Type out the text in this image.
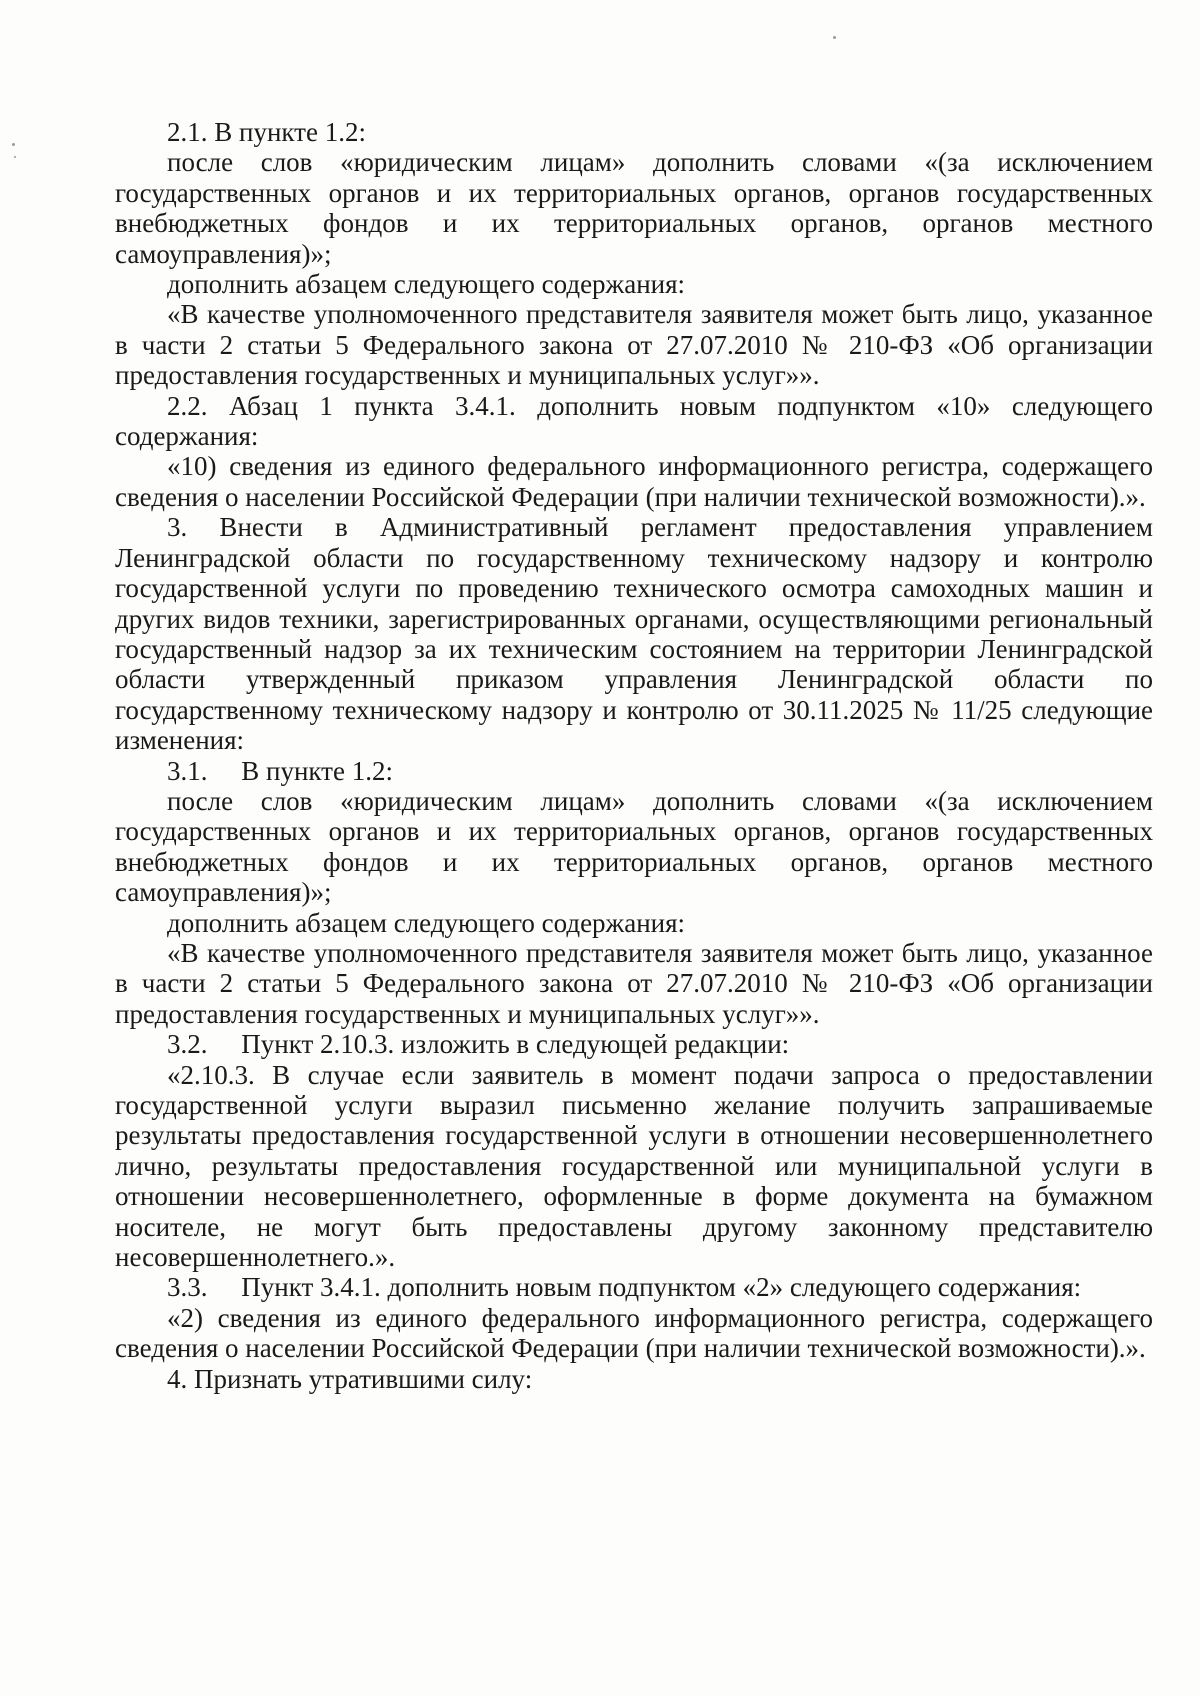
2.1. В пункте 1.2:

после слов «юридическим лицам» дополнить словами «(за исключением государственных органов и их территориальных органов, органов государственных внебюджетных фондов и их территориальных органов, органов местного самоуправления)»;

дополнить абзацем следующего содержания:

«В качестве уполномоченного представителя заявителя может быть лицо, указанное в части 2 статьи 5 Федерального закона от 27.07.2010 № 210-ФЗ «Об организации предоставления государственных и муниципальных услуг»».

2.2. Абзац 1 пункта 3.4.1. дополнить новым подпунктом «10» следующего содержания:

«10) сведения из единого федерального информационного регистра, содержащего сведения о населении Российской Федерации (при наличии технической возможности).».

3. Внести в Административный регламент предоставления управлением Ленинградской области по государственному техническому надзору и контролю государственной услуги по проведению технического осмотра самоходных машин и других видов техники, зарегистрированных органами, осуществляющими региональный государственный надзор за их техническим состоянием на территории Ленинградской области утвержденный приказом управления Ленинградской области по государственному техническому надзору и контролю от 30.11.2025 № 11/25 следующие изменения:

3.1.  В пункте 1.2:

после слов «юридическим лицам» дополнить словами «(за исключением государственных органов и их территориальных органов, органов государственных внебюджетных фондов и их территориальных органов, органов местного самоуправления)»;

дополнить абзацем следующего содержания:

«В качестве уполномоченного представителя заявителя может быть лицо, указанное в части 2 статьи 5 Федерального закона от 27.07.2010 № 210-ФЗ «Об организации предоставления государственных и муниципальных услуг»».

3.2.  Пункт 2.10.3. изложить в следующей редакции:

«2.10.3. В случае если заявитель в момент подачи запроса о предоставлении государственной услуги выразил письменно желание получить запрашиваемые результаты предоставления государственной услуги в отношении несовершеннолетнего лично, результаты предоставления государственной или муниципальной услуги в отношении несовершеннолетнего, оформленные в форме документа на бумажном носителе, не могут быть предоставлены другому законному представителю несовершеннолетнего.».

3.3.  Пункт 3.4.1. дополнить новым подпунктом «2» следующего содержания:

«2) сведения из единого федерального информационного регистра, содержащего сведения о населении Российской Федерации (при наличии технической возможности).».

4. Признать утратившими силу:
